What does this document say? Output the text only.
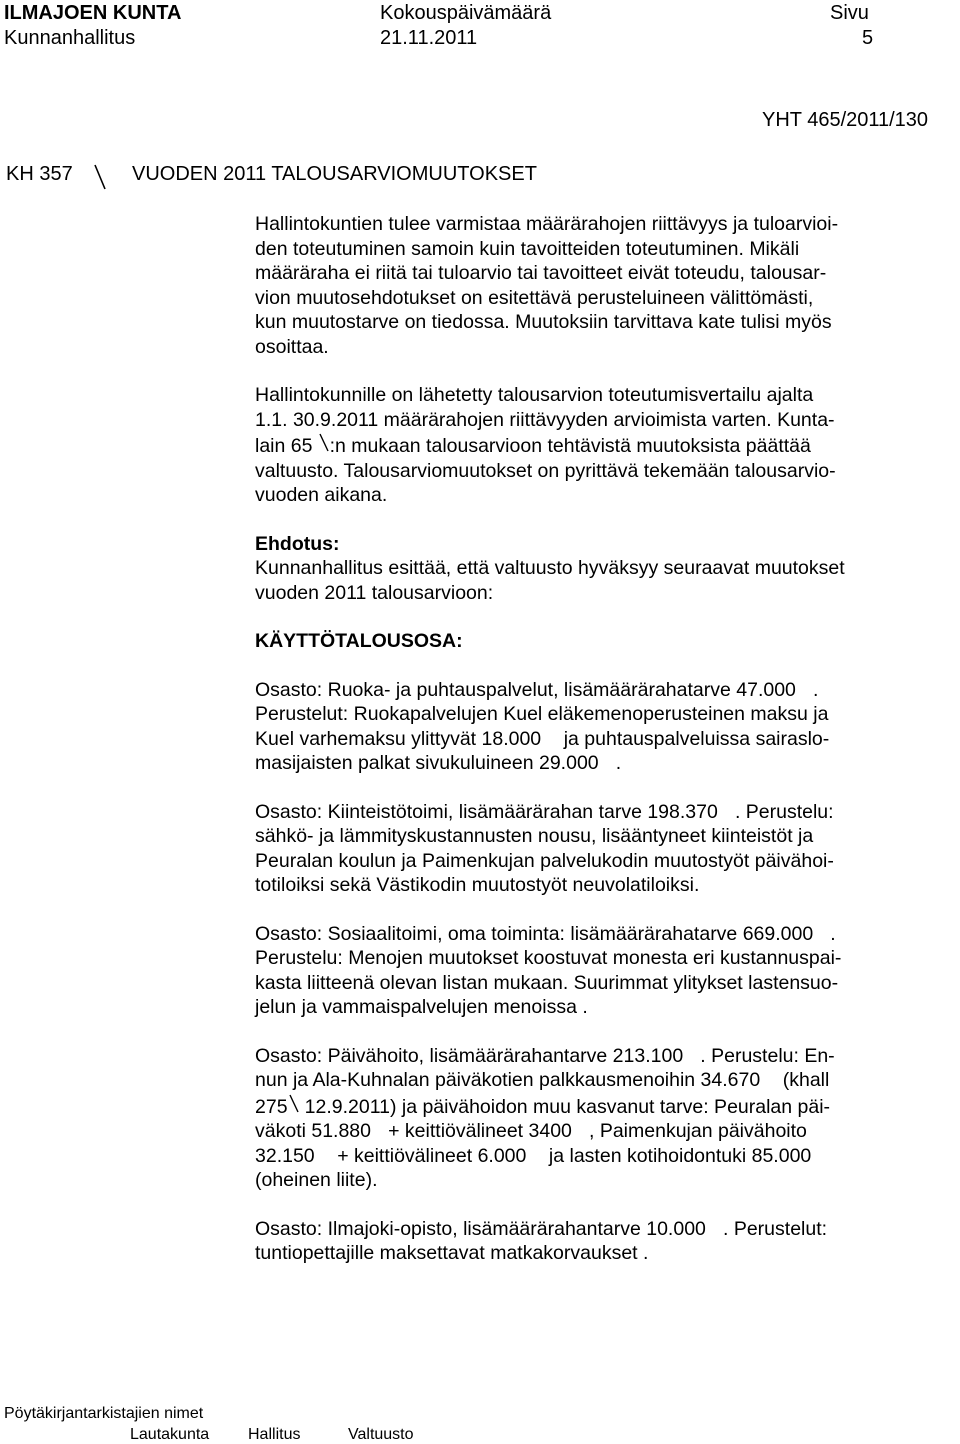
ILMAJOEN KUNTA	Kokouspäivämäärä	Sivu
Kunnanhallitus	21.11.2011	5
YHT 465/2011/130
KH 357	VUODEN 2011 TALOUSARVIOMUUTOKSET

Hallintokuntien tulee varmistaa määrärahojen riittävyys ja tuloarvioi-

den toteutuminen samoin kuin tavoitteiden toteutuminen. Mikäli

määräraha ei riitä tai tuloarvio tai tavoitteet eivät toteudu, talousar-

vion muutosehdotukset on esitettävä perusteluineen välittömästi,

kun muutostarve on tiedossa. Muutoksiin tarvittava kate tulisi myös

osoittaa.

Hallintokunnille on lähetetty talousarvion toteutumisvertailu ajalta

1.1. 30.9.2011 määrärahojen riittävyyden arvioimista varten. Kunta-

lain 65 :n mukaan talousarvioon tehtävistä muutoksista päättää

valtuusto. Talousarviomuutokset on pyrittävä tekemään talousarvio-

vuoden aikana.

Ehdotus:

Kunnanhallitus esittää, että valtuusto hyväksyy seuraavat muutokset

vuoden 2011 talousarvioon:

KÄYTTÖTALOUSOSA:

Osasto: Ruoka- ja puhtauspalvelut, lisämäärärahatarve 47.000 .

Perustelut: Ruokapalvelujen Kuel eläkemenoperusteinen maksu ja

Kuel varhemaksu ylittyvät 18.000 ja puhtauspalveluissa sairaslo-

masijaisten palkat sivukuluineen 29.000 .

Osasto: Kiinteistötoimi, lisämäärärahan tarve 198.370 . Perustelu:

sähkö- ja lämmityskustannusten nousu, lisääntyneet kiinteistöt ja

Peuralan koulun ja Paimenkujan palvelukodin muutostyöt päivähoi-

totiloiksi sekä Västikodin muutostyöt neuvolatiloiksi.

Osasto: Sosiaalitoimi, oma toiminta: lisämäärärahatarve 669.000 .

Perustelu: Menojen muutokset koostuvat monesta eri kustannuspai-

kasta liitteenä olevan listan mukaan. Suurimmat ylitykset lastensuo-

jelun ja vammaispalvelujen menoissa .

Osasto: Päivähoito, lisämäärärahantarve 213.100 . Perustelu: En-

nun ja Ala-Kuhnalan päiväkotien palkkausmenoihin 34.670 (khall

275 12.9.2011) ja päivähoidon muu kasvanut tarve: Peuralan päi-

väkoti 51.880 + keittiövälineet 3400 , Paimenkujan päivähoito

32.150 + keittiövälineet 6.000 ja lasten kotihoidontuki 85.000

(oheinen liite).

Osasto: Ilmajoki-opisto, lisämäärärahantarve 10.000 . Perustelut:

tuntiopettajille maksettavat matkakorvaukset .

Pöytäkirjantarkistajien nimet
Lautakunta Hallitus	Valtuusto
